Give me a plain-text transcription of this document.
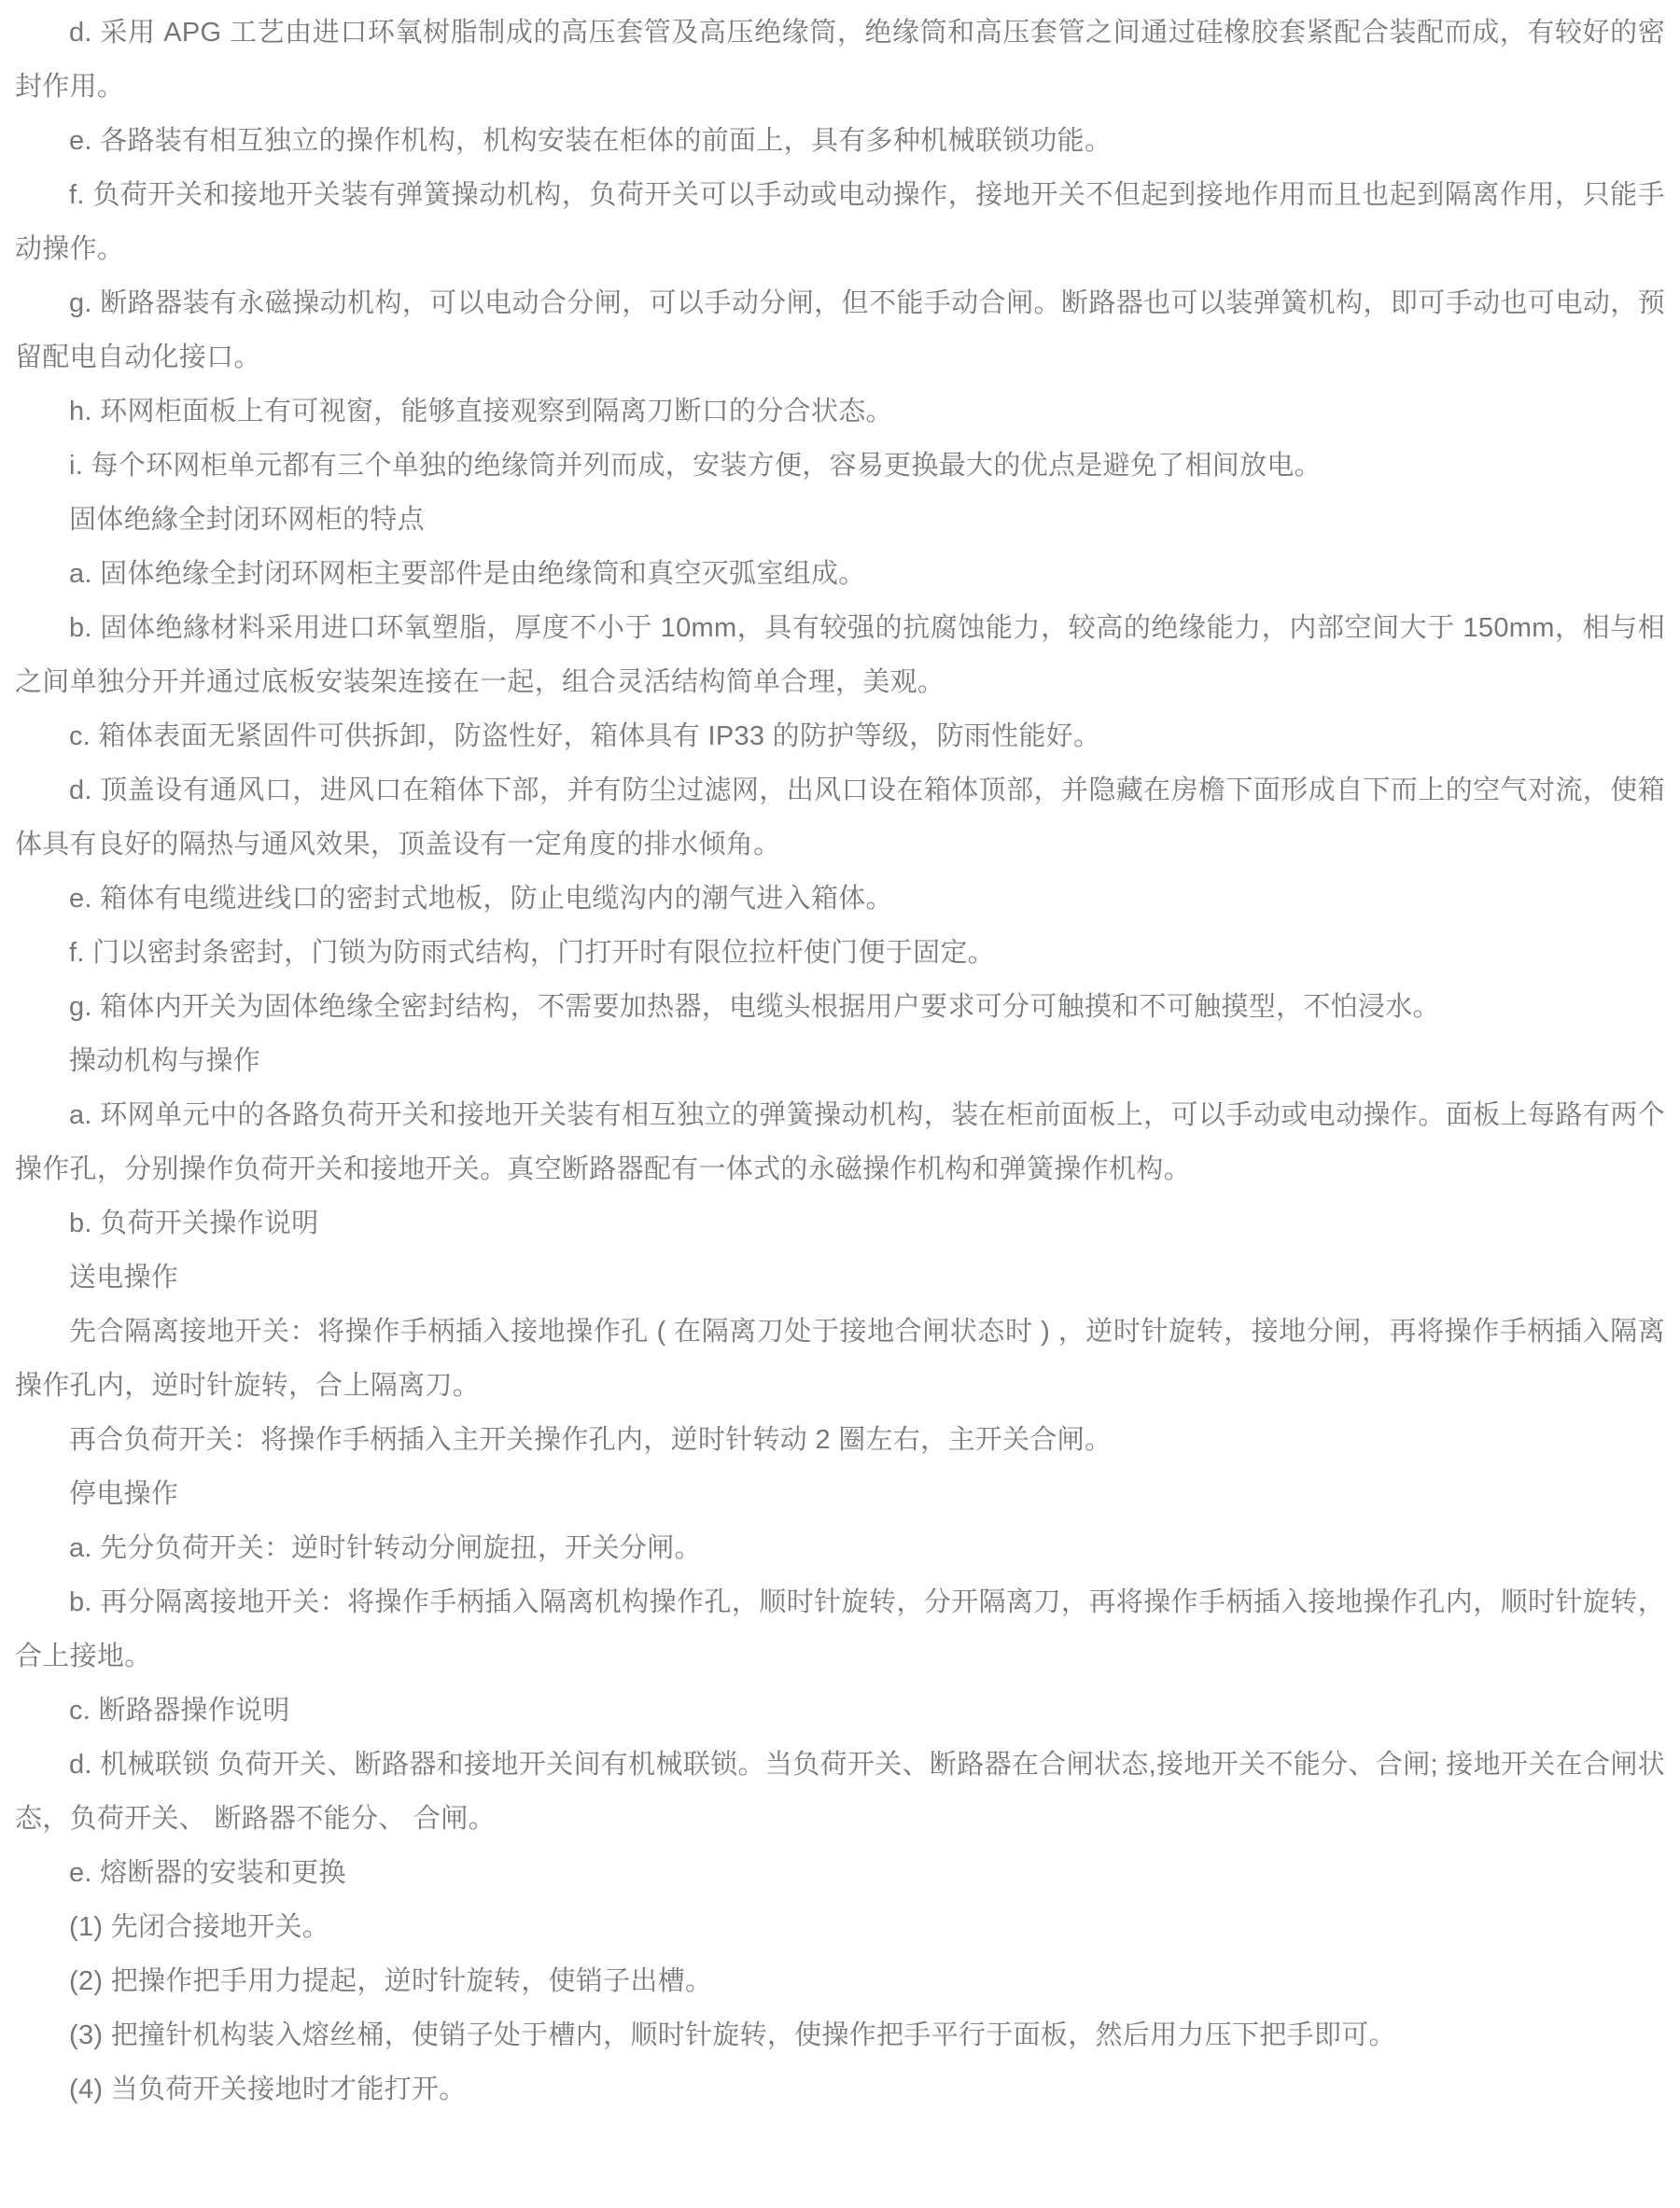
d. 采用 APG 工艺由进口环氧树脂制成的高压套管及高压绝缘筒，绝缘筒和高压套管之间通过硅橡胶套紧配合装配而成，有较好的密封作用。

e. 各路装有相互独立的操作机构，机构安装在柜体的前面上，具有多种机械联锁功能。

f. 负荷开关和接地开关装有弹簧操动机构，负荷开关可以手动或电动操作，接地开关不但起到接地作用而且也起到隔离作用，只能手动操作。

g. 断路器装有永磁操动机构，可以电动合分闸，可以手动分闸，但不能手动合闸。断路器也可以装弹簧机构，即可手动也可电动，预留配电自动化接口。

h. 环网柜面板上有可视窗，能够直接观察到隔离刀断口的分合状态。

i. 每个环网柜单元都有三个单独的绝缘筒并列而成，安装方便，容易更换最大的优点是避免了相间放电。

固体绝緣全封闭环网柜的特点

a. 固体绝缘全封闭环网柜主要部件是由绝缘筒和真空灭弧室组成。

b. 固体绝緣材料采用进口环氧塑脂，厚度不小于 10mm，具有较强的抗腐蚀能力，较高的绝缘能力，内部空间大于 150mm，相与相之间单独分开并通过底板安装架连接在一起，组合灵活结构简单合理，美观。

c. 箱体表面无紧固件可供拆卸，防盗性好，箱体具有 IP33 的防护等级，防雨性能好。

d. 顶盖设有通风口，进风口在箱体下部，并有防尘过滤网，出风口设在箱体顶部，并隐藏在房檐下面形成自下而上的空气对流，使箱体具有良好的隔热与通风效果，顶盖设有一定角度的排水倾角。

e. 箱体有电缆进线口的密封式地板，防止电缆沟内的潮气进入箱体。

f. 门以密封条密封，门锁为防雨式结构，门打开时有限位拉杆使门便于固定。

g. 箱体内开关为固体绝缘全密封结构，不需要加热器，电缆头根据用户要求可分可触摸和不可触摸型，不怕浸水。

操动机构与操作

a. 环网单元中的各路负荷开关和接地开关装有相互独立的弹簧操动机构，装在柜前面板上，可以手动或电动操作。面板上每路有两个操作孔，分别操作负荷开关和接地开关。真空断路器配有一体式的永磁操作机构和弹簧操作机构。

b. 负荷开关操作说明

送电操作

先合隔离接地开关：将操作手柄插入接地操作孔 ( 在隔离刀处于接地合闸状态时 ) ，逆时针旋转，接地分闸，再将操作手柄插入隔离操作孔内，逆时针旋转，合上隔离刀。

再合负荷开关：将操作手柄插入主开关操作孔内，逆时针转动 2 圈左右，主开关合闸。

停电操作

a. 先分负荷开关：逆时针转动分闸旋扭，开关分闸。

b. 再分隔离接地开关：将操作手柄插入隔离机构操作孔，顺时针旋转，分开隔离刀，再将操作手柄插入接地操作孔内，顺时针旋转，合上接地。

c. 断路器操作说明

d. 机械联锁 负荷开关、断路器和接地开关间有机械联锁。当负荷开关、断路器在合闸状态,接地开关不能分、合闸; 接地开关在合闸状态，负荷开关、 断路器不能分、 合闸。

e. 熔断器的安装和更换

(1) 先闭合接地开关。

(2) 把操作把手用力提起，逆时针旋转，使销子出槽。

(3) 把撞针机构装入熔丝桶，使销子处于槽内，顺时针旋转，使操作把手平行于面板，然后用力压下把手即可。

(4) 当负荷开关接地时才能打开。
